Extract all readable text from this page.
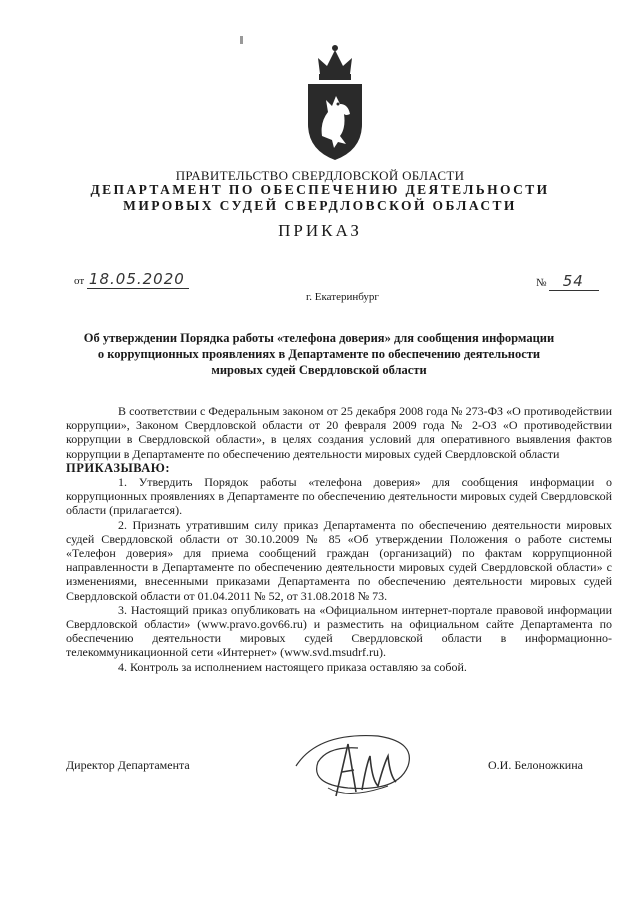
ПРАВИТЕЛЬСТВО СВЕРДЛОВСКОЙ ОБЛАСТИ
ДЕПАРТАМЕНТ ПО ОБЕСПЕЧЕНИЮ ДЕЯТЕЛЬНОСТИ
МИРОВЫХ СУДЕЙ СВЕРДЛОВСКОЙ ОБЛАСТИ
ПРИКАЗ
от 18.05.2020	№ 54
г. Екатеринбург
Об утверждении Порядка работы «телефона доверия» для сообщения информации
о коррупционных проявлениях в Департаменте по обеспечению деятельности
мировых судей Свердловской области

В соответствии с Федеральным законом от 25 декабря 2008 года № 273-ФЗ «О противодействии коррупции», Законом Свердловской области от 20 февраля 2009 года № 2-ОЗ «О противодействии коррупции в Свердловской области», в целях создания условий для оперативного выявления фактов коррупции в Департаменте по обеспечению деятельности мировых судей Свердловской области

ПРИКАЗЫВАЮ:

1. Утвердить Порядок работы «телефона доверия» для сообщения информации о коррупционных проявлениях в Департаменте по обеспечению деятельности мировых судей Свердловской области (прилагается).

2. Признать утратившим силу приказ Департамента по обеспечению деятельности мировых судей Свердловской области от 30.10.2009 № 85 «Об утверждении Положения о работе системы «Телефон доверия» для приема сообщений граждан (организаций) по фактам коррупционной направленности в Департаменте по обеспечению деятельности мировых судей Свердловской области» с изменениями, внесенными приказами Департамента по обеспечению деятельности мировых судей Свердловской области от 01.04.2011 № 52, от 31.08.2018 № 73.

3. Настоящий приказ опубликовать на «Официальном интернет-портале правовой информации Свердловской области» (www.pravo.gov66.ru) и разместить на официальном сайте Департамента по обеспечению деятельности мировых судей Свердловской области в информационно-телекоммуникационной сети «Интернет» (www.svd.msudrf.ru).

4. Контроль за исполнением настоящего приказа оставляю за собой.

Директор Департамента	О.И. Белоножкина
